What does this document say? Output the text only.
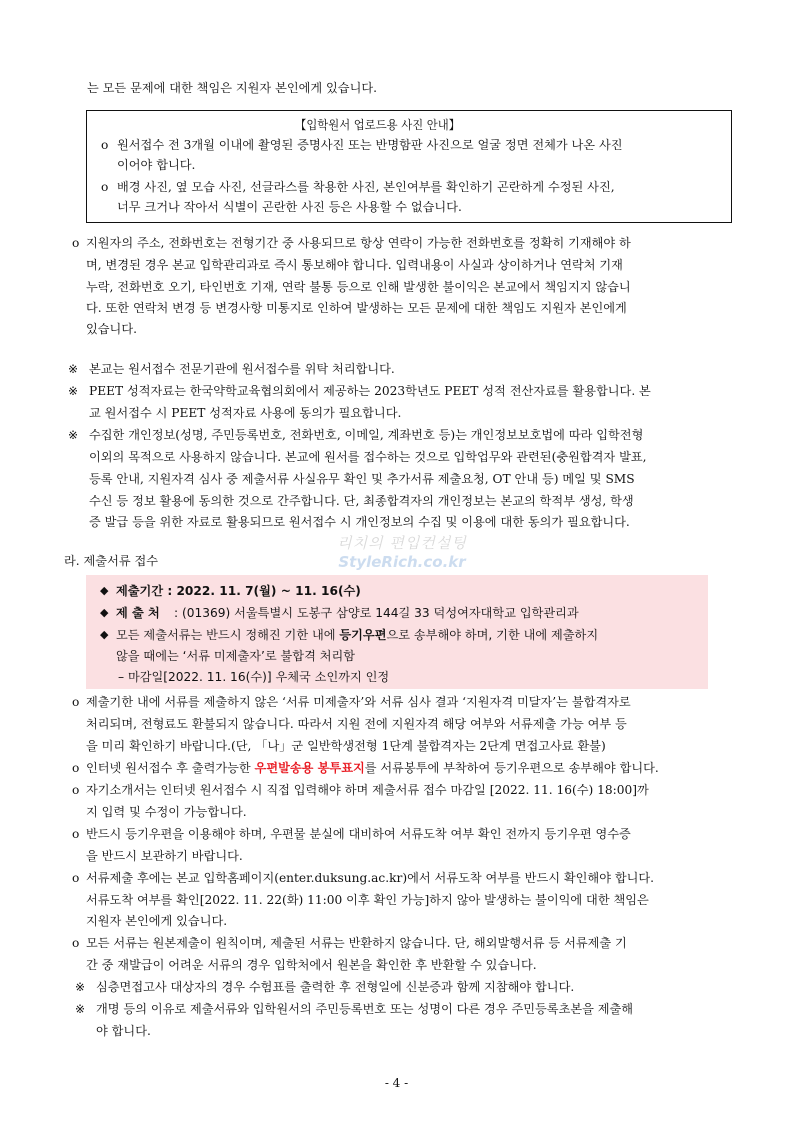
는 모든 문제에 대한 책임은 지원자 본인에게 있습니다.
【입학원서 업로드용 사진 안내】
o 원서접수 전 3개월 이내에 촬영된 증명사진 또는 반명함판 사진으로 얼굴 정면 전체가 나온 사진
이어야 합니다.
o 배경 사진, 옆 모습 사진, 선글라스를 착용한 사진, 본인여부를 확인하기 곤란하게 수정된 사진,
너무 크거나 작아서 식별이 곤란한 사진 등은 사용할 수 없습니다.
o 지원자의 주소, 전화번호는 전형기간 중 사용되므로 항상 연락이 가능한 전화번호를 정확히 기재해야 하
며, 변경된 경우 본교 입학관리과로 즉시 통보해야 합니다. 입력내용이 사실과 상이하거나 연락처 기재
누락, 전화번호 오기, 타인번호 기재, 연락 불통 등으로 인해 발생한 불이익은 본교에서 책임지지 않습니
다. 또한 연락처 변경 등 변경사항 미통지로 인하여 발생하는 모든 문제에 대한 책임도 지원자 본인에게
있습니다.
※ 본교는 원서접수 전문기관에 원서접수를 위탁 처리합니다.
※ PEET 성적자료는 한국약학교육협의회에서 제공하는 2023학년도 PEET 성적 전산자료를 활용합니다. 본
교 원서접수 시 PEET 성적자료 사용에 동의가 필요합니다.
※ 수집한 개인정보(성명, 주민등록번호, 전화번호, 이메일, 계좌번호 등)는 개인정보보호법에 따라 입학전형
이외의 목적으로 사용하지 않습니다. 본교에 원서를 접수하는 것으로 입학업무와 관련된(충원합격자 발표,
등록 안내, 지원자격 심사 중 제출서류 사실유무 확인 및 추가서류 제출요청, OT 안내 등) 메일 및 SMS
수신 등 정보 활용에 동의한 것으로 간주합니다. 단, 최종합격자의 개인정보는 본교의 학적부 생성, 학생
증 발급 등을 위한 자료로 활용되므로 원서접수 시 개인정보의 수집 및 이용에 대한 동의가 필요합니다.
라. 제출서류 접수
리치의 편입컨설팅
StyleRich.co.kr
◆ 제출기간 : 2022. 11. 7(월) ~ 11. 16(수)
◆ 제 출 처 : (01369) 서울특별시 도봉구 삼양로 144길 33 덕성여자대학교 입학관리과
◆ 모든 제출서류는 반드시 정해진 기한 내에 등기우편으로 송부해야 하며, 기한 내에 제출하지
않을 때에는 ‘서류 미제출자’로 불합격 처리함
– 마감일[2022. 11. 16(수)] 우체국 소인까지 인정
o 제출기한 내에 서류를 제출하지 않은 ‘서류 미제출자’와 서류 심사 결과 ‘지원자격 미달자’는 불합격자로
처리되며, 전형료도 환불되지 않습니다. 따라서 지원 전에 지원자격 해당 여부와 서류제출 가능 여부 등
을 미리 확인하기 바랍니다.(단, 「나」군 일반학생전형 1단계 불합격자는 2단계 면접고사료 환불)
o 인터넷 원서접수 후 출력가능한 우편발송용 봉투표지를 서류봉투에 부착하여 등기우편으로 송부해야 합니다.
o 자기소개서는 인터넷 원서접수 시 직접 입력해야 하며 제출서류 접수 마감일 [2022. 11. 16(수) 18:00]까
지 입력 및 수정이 가능합니다.
o 반드시 등기우편을 이용해야 하며, 우편물 분실에 대비하여 서류도착 여부 확인 전까지 등기우편 영수증
을 반드시 보관하기 바랍니다.
o 서류제출 후에는 본교 입학홈페이지(enter.duksung.ac.kr)에서 서류도착 여부를 반드시 확인해야 합니다.
서류도착 여부를 확인[2022. 11. 22(화) 11:00 이후 확인 가능]하지 않아 발생하는 불이익에 대한 책임은
지원자 본인에게 있습니다.
o 모든 서류는 원본제출이 원칙이며, 제출된 서류는 반환하지 않습니다. 단, 해외발행서류 등 서류제출 기
간 중 재발급이 어려운 서류의 경우 입학처에서 원본을 확인한 후 반환할 수 있습니다.
※ 심층면접고사 대상자의 경우 수험표를 출력한 후 전형일에 신분증과 함께 지참해야 합니다.
※ 개명 등의 이유로 제출서류와 입학원서의 주민등록번호 또는 성명이 다른 경우 주민등록초본을 제출해
야 합니다.
- 4 -
